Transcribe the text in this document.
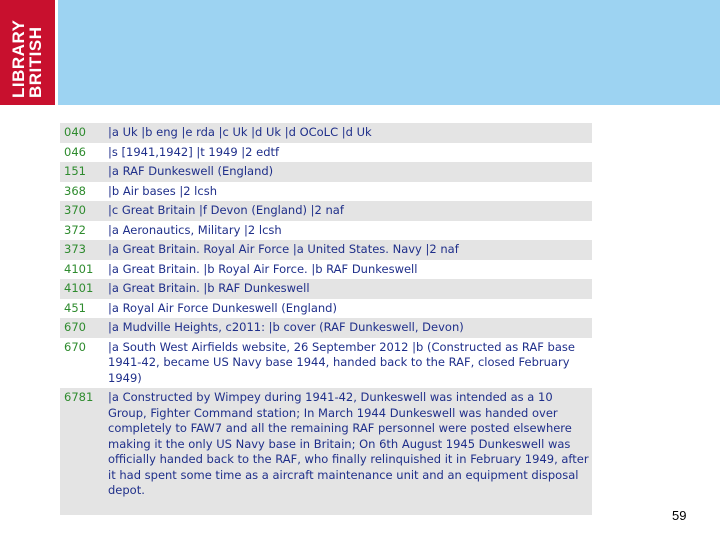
LIBRARY
BRITISH
040	|a Uk |b eng |e rda |c Uk |d Uk |d OCoLC |d Uk
046	|s [1941,1942] |t 1949 |2 edtf
151	|a RAF Dunkeswell (England)
368	|b Air bases |2 lcsh
370	|c Great Britain |f Devon (England) |2 naf
372	|a Aeronautics, Military |2 lcsh
373	|a Great Britain. Royal Air Force |a United States. Navy |2 naf
4101	|a Great Britain. |b Royal Air Force. |b RAF Dunkeswell
4101	|a Great Britain. |b RAF Dunkeswell
451	|a Royal Air Force Dunkeswell (England)
670	|a Mudville Heights, c2011: |b cover (RAF Dunkeswell, Devon)
670	|a South West Airfields website, 26 September 2012 |b (Constructed as RAF base 1941-42, became US Navy base 1944, handed back to the RAF, closed February 1949)
6781	|a Constructed by Wimpey during 1941-42, Dunkeswell was intended as a 10 Group, Fighter Command station; In March 1944 Dunkeswell was handed over completely to FAW7 and all the remaining RAF personnel were posted elsewhere making it the only US Navy base in Britain; On 6th August 1945 Dunkeswell was officially handed back to the RAF, who finally relinquished it in February 1949, after it had spent some time as a aircraft maintenance unit and an equipment disposal depot.
59
